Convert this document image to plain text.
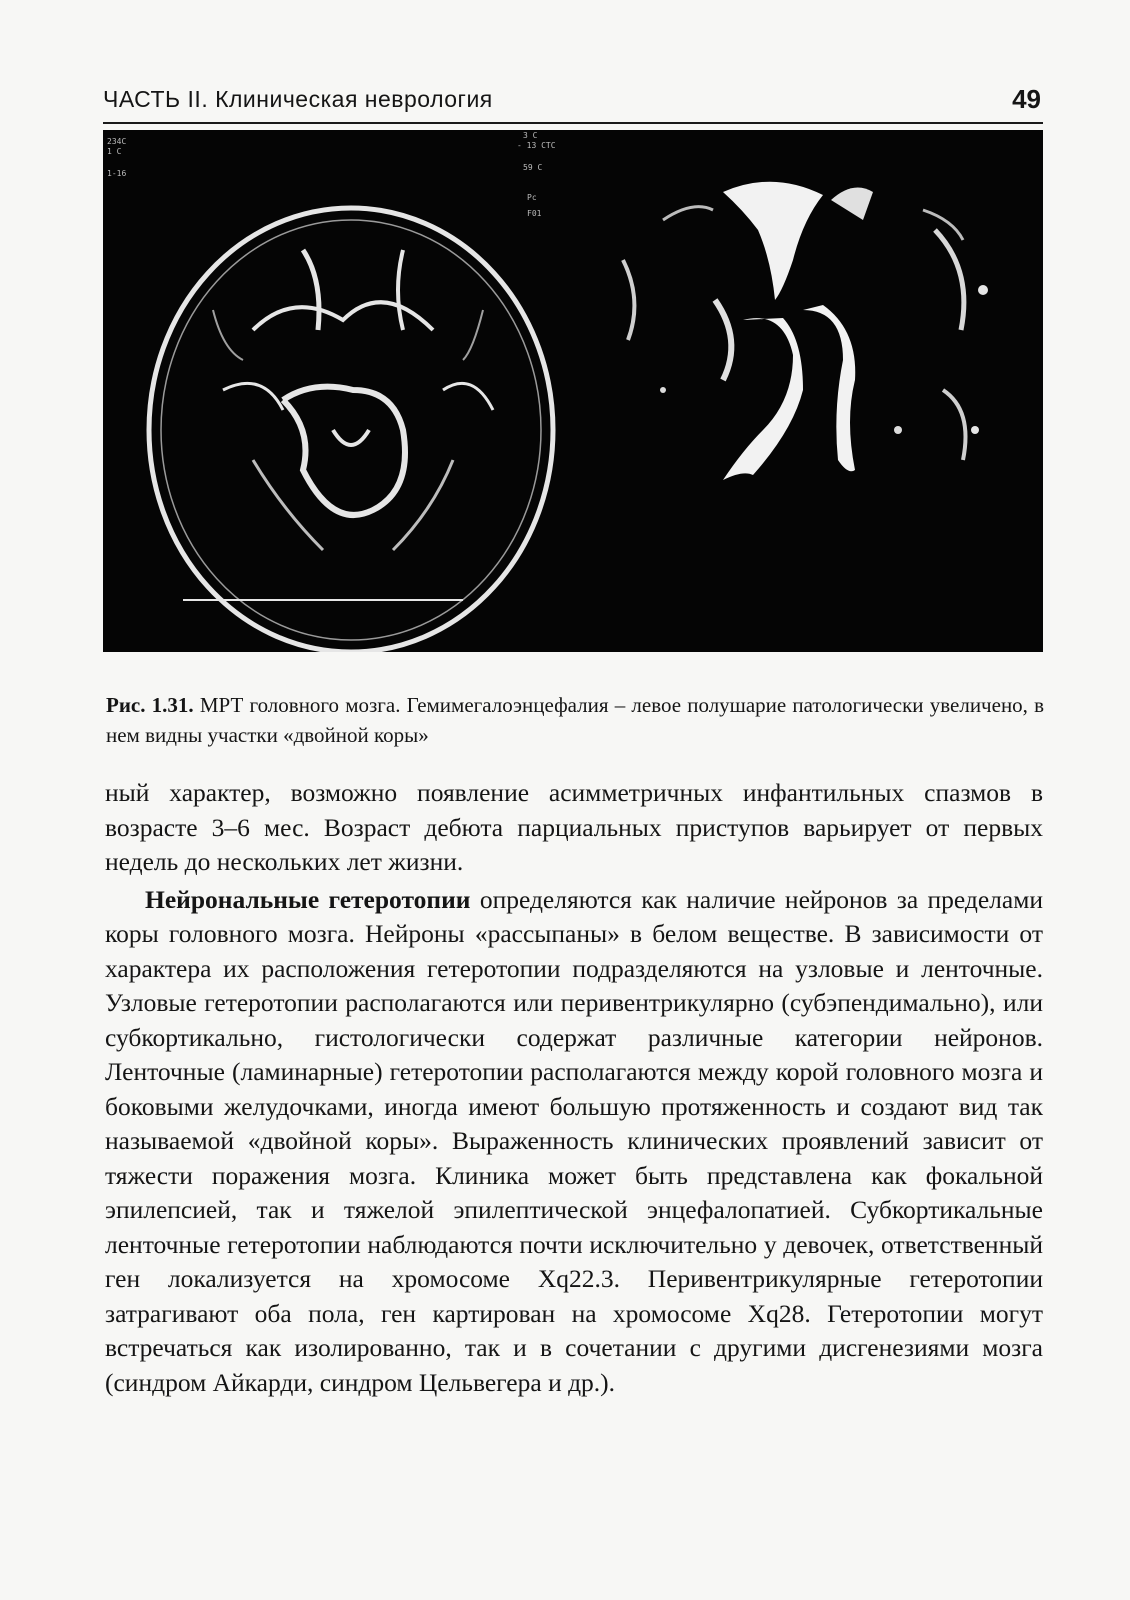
ЧАСТЬ II. Клиническая неврология	49
234C
1 C
1-16
3 C
- 13 CTC
59 C
Pc
F01
Рис. 1.31. МРТ головного мозга. Гемимегалоэнцефалия – левое полушарие патологически увеличено, в нем видны участки «двойной коры»

ный характер, возможно появление асимметричных инфантильных спазмов в возрасте 3–6 мес. Возраст дебюта парциальных приступов варьирует от первых недель до нескольких лет жизни.

Нейрональные гетеротопии определяются как наличие нейронов за пределами коры головного мозга. Нейроны «рассыпаны» в белом веществе. В зависимости от характера их расположения гетеротопии подразделяются на узловые и ленточные. Узловые гетеротопии располагаются или перивентрикулярно (субэпендимально), или субкортикально, гистологически содержат различные категории нейронов. Ленточные (ламинарные) гетеротопии располагаются между корой головного мозга и боковыми желудочками, иногда имеют большую протяженность и создают вид так называемой «двойной коры». Выраженность клинических проявлений зависит от тяжести поражения мозга. Клиника может быть представлена как фокальной эпилепсией, так и тяжелой эпилептической энцефалопатией. Субкортикальные ленточные гетеротопии наблюдаются почти исключительно у девочек, ответственный ген локализуется на хромосоме Xq22.3. Перивентрикулярные гетеротопии затрагивают оба пола, ген картирован на хромосоме Xq28. Гетеротопии могут встречаться как изолированно, так и в сочетании с другими дисгенезиями мозга (синдром Айкарди, синдром Цельвегера и др.).
